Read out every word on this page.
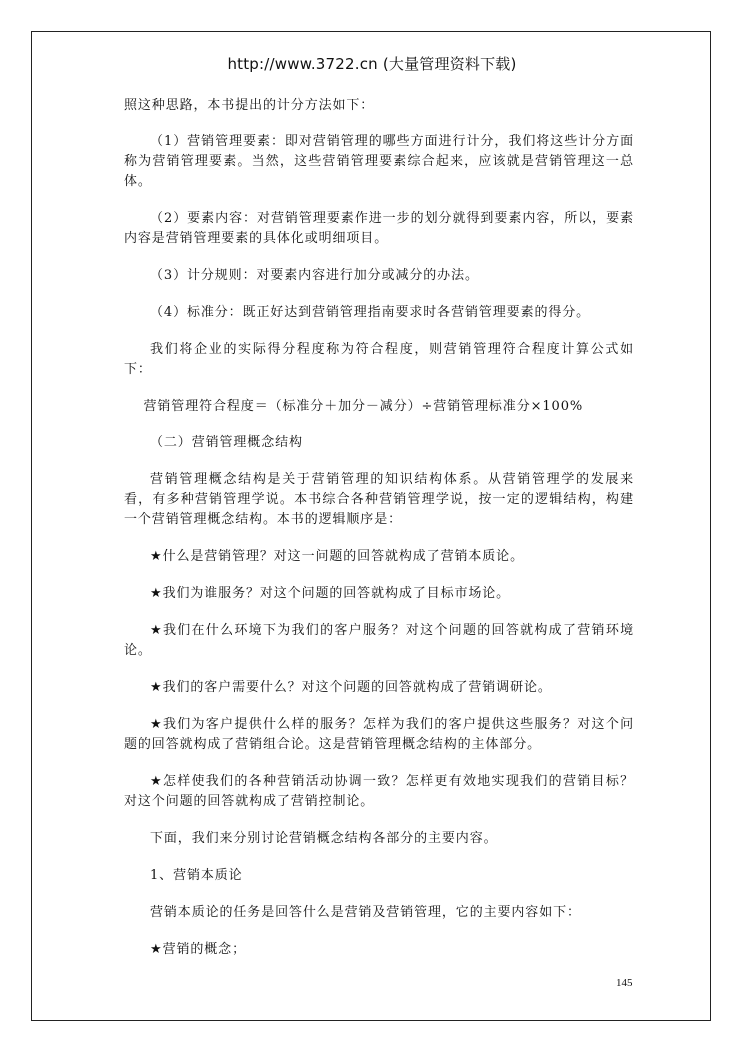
http://www.3722.cn (大量管理资料下载)

照这种思路，本书提出的计分方法如下：

（1）营销管理要素：即对营销管理的哪些方面进行计分，我们将这些计分方面称为营销管理要素。当然，这些营销管理要素综合起来，应该就是营销管理这一总体。

（2）要素内容：对营销管理要素作进一步的划分就得到要素内容，所以，要素内容是营销管理要素的具体化或明细项目。

（3）计分规则：对要素内容进行加分或减分的办法。

（4）标准分：既正好达到营销管理指南要求时各营销管理要素的得分。

我们将企业的实际得分程度称为符合程度，则营销管理符合程度计算公式如下：

营销管理符合程度＝（标准分＋加分－减分）÷营销管理标准分×100%

（二）营销管理概念结构

营销管理概念结构是关于营销管理的知识结构体系。从营销管理学的发展来看，有多种营销管理学说。本书综合各种营销管理学说，按一定的逻辑结构，构建一个营销管理概念结构。本书的逻辑顺序是：

★什么是营销管理？对这一问题的回答就构成了营销本质论。

★我们为谁服务？对这个问题的回答就构成了目标市场论。

★我们在什么环境下为我们的客户服务？对这个问题的回答就构成了营销环境论。

★我们的客户需要什么？对这个问题的回答就构成了营销调研论。

★我们为客户提供什么样的服务？怎样为我们的客户提供这些服务？对这个问题的回答就构成了营销组合论。这是营销管理概念结构的主体部分。

★怎样使我们的各种营销活动协调一致？怎样更有效地实现我们的营销目标？对这个问题的回答就构成了营销控制论。

下面，我们来分别讨论营销概念结构各部分的主要内容。

1、营销本质论

营销本质论的任务是回答什么是营销及营销管理，它的主要内容如下：

★营销的概念；

145
